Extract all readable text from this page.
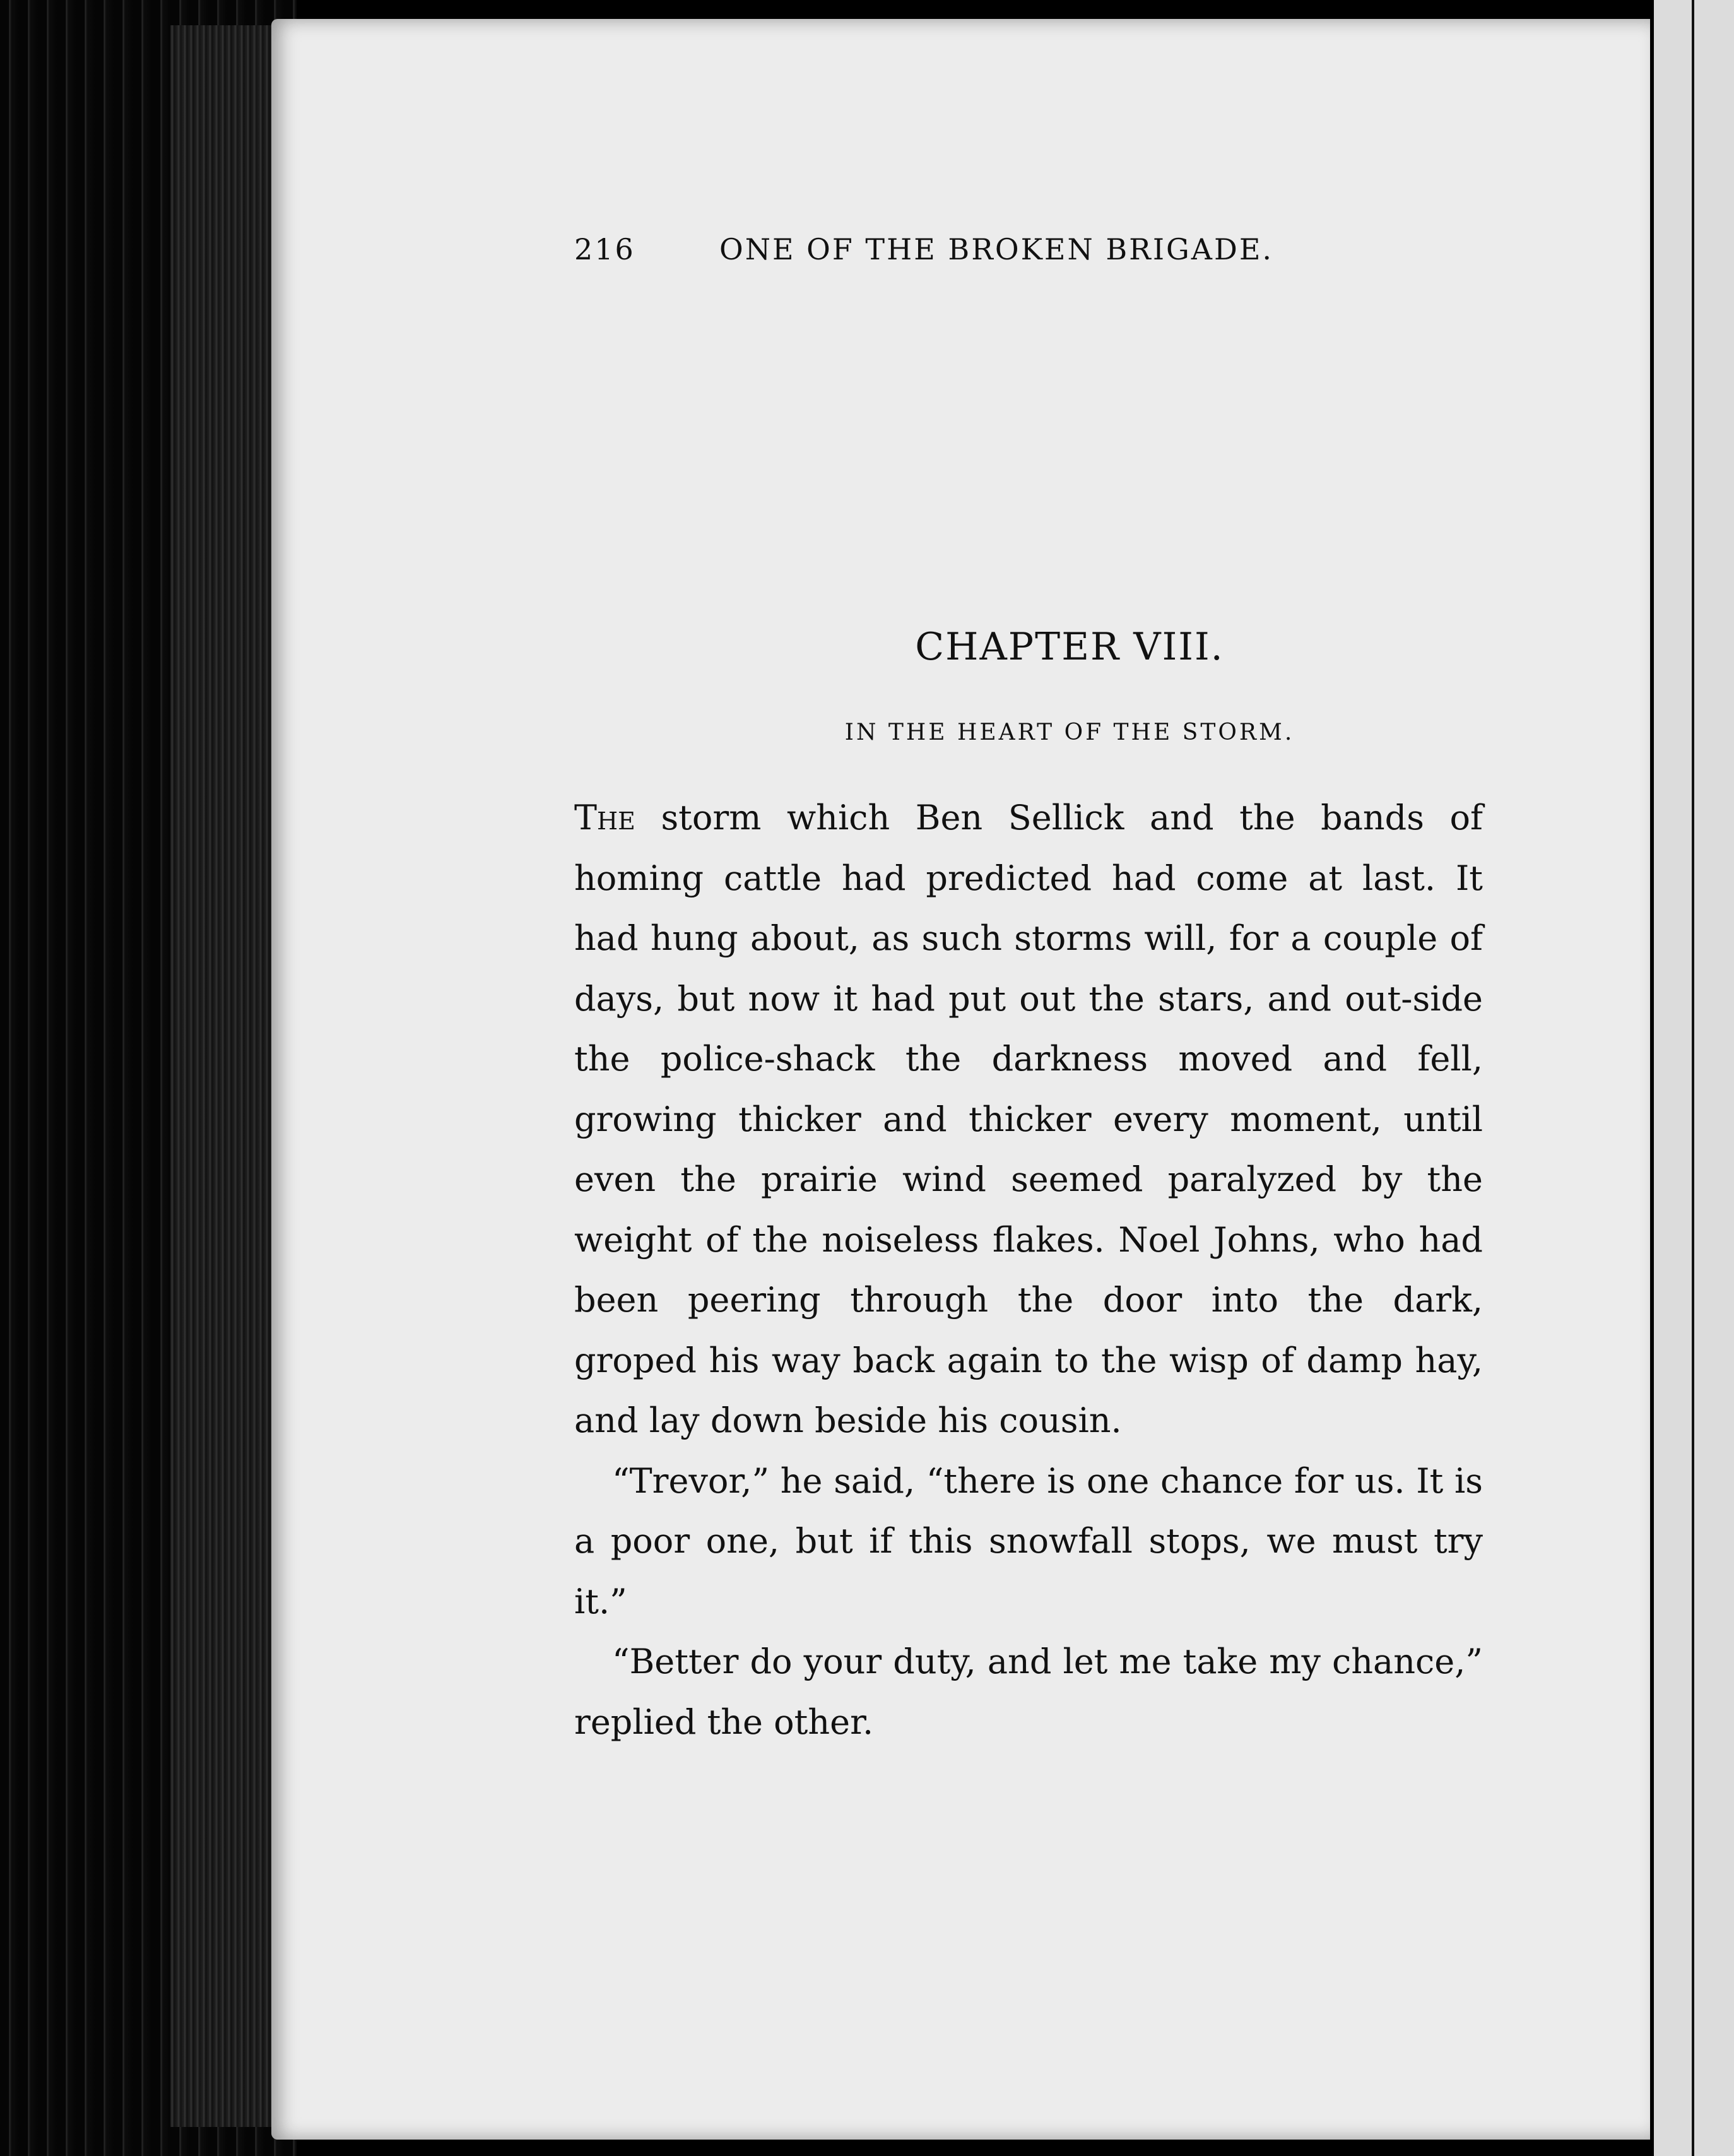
216	ONE OF THE BROKEN BRIGADE.
CHAPTER VIII.
IN THE HEART OF THE STORM.

The storm which Ben Sellick and the bands of homing cattle had predicted had come at last. It had hung about, as such storms will, for a couple of days, but now it had put out the stars, and out-side the police-shack the darkness moved and fell, growing thicker and thicker every moment, until even the prairie wind seemed paralyzed by the weight of the noiseless flakes. Noel Johns, who had been peering through the door into the dark, groped his way back again to the wisp of damp hay, and lay down beside his cousin.

“Trevor,” he said, “there is one chance for us. It is a poor one, but if this snowfall stops, we must try it.”

“Better do your duty, and let me take my chance,” replied the other.
